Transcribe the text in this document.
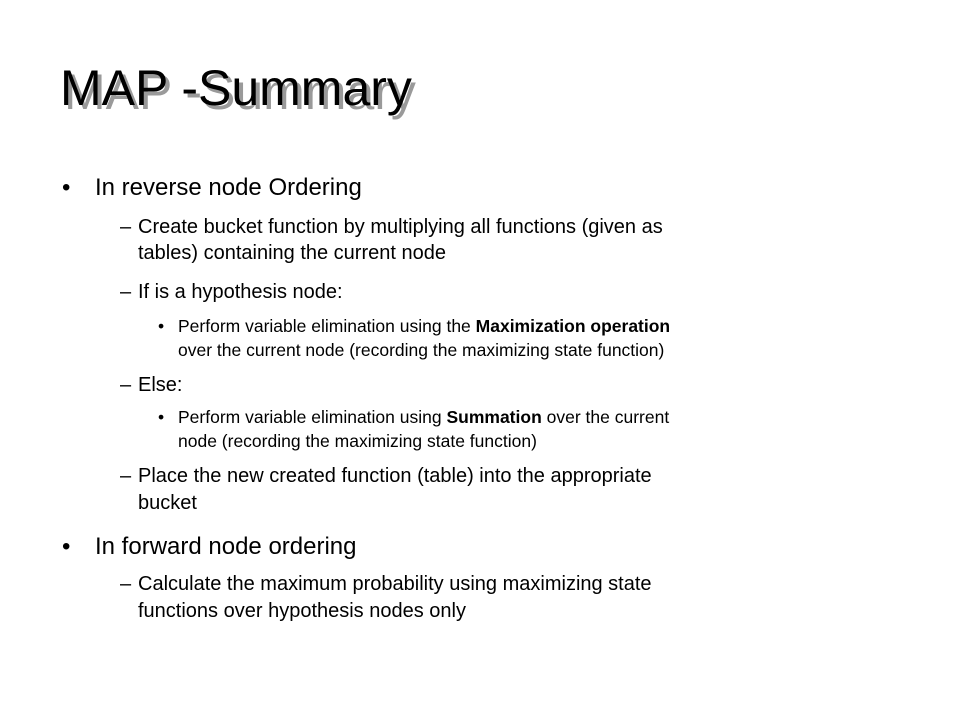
MAP -Summary
• In reverse node Ordering
– Create bucket function by multiplying all functions (given as
tables) containing the current node
– If is a hypothesis node:
• Perform variable elimination using the Maximization operation
over the current node (recording the maximizing state function)
– Else:
• Perform variable elimination using Summation over the current
node (recording the maximizing state function)
– Place the new created function (table) into the appropriate
bucket
• In forward node ordering
– Calculate the maximum probability using maximizing state
functions over hypothesis nodes only
